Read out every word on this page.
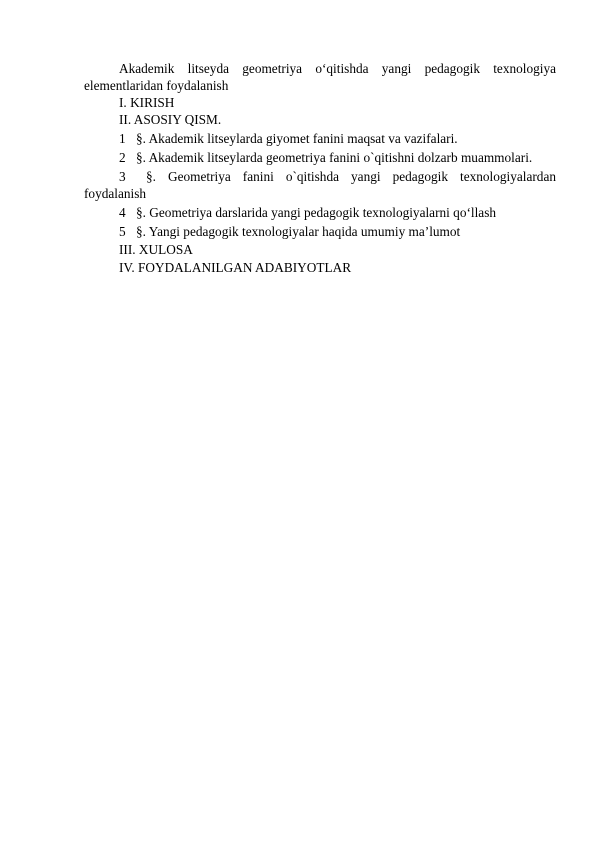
Akademik litseyda geometriya o‘qitishda yangi pedagogik texnologiya
elementlaridan foydalanish
I. KIRISH
II. ASOSIY QISM.
1 §. Akademik litseylarda giyomet fanini maqsat va vazifalari.
2 §. Akademik litseylarda geometriya fanini o`qitishni dolzarb muammolari.
3 §. Geometriya fanini o`qitishda yangi pedagogik texnologiyalardan
foydalanish
4 §. Geometriya darslarida yangi pedagogik texnologiyalarni qo‘llash
5 §. Yangi pedagogik texnologiyalar haqida umumiy ma’lumot
III. XULOSA
IV. FOYDALANILGAN ADABIYOTLAR
